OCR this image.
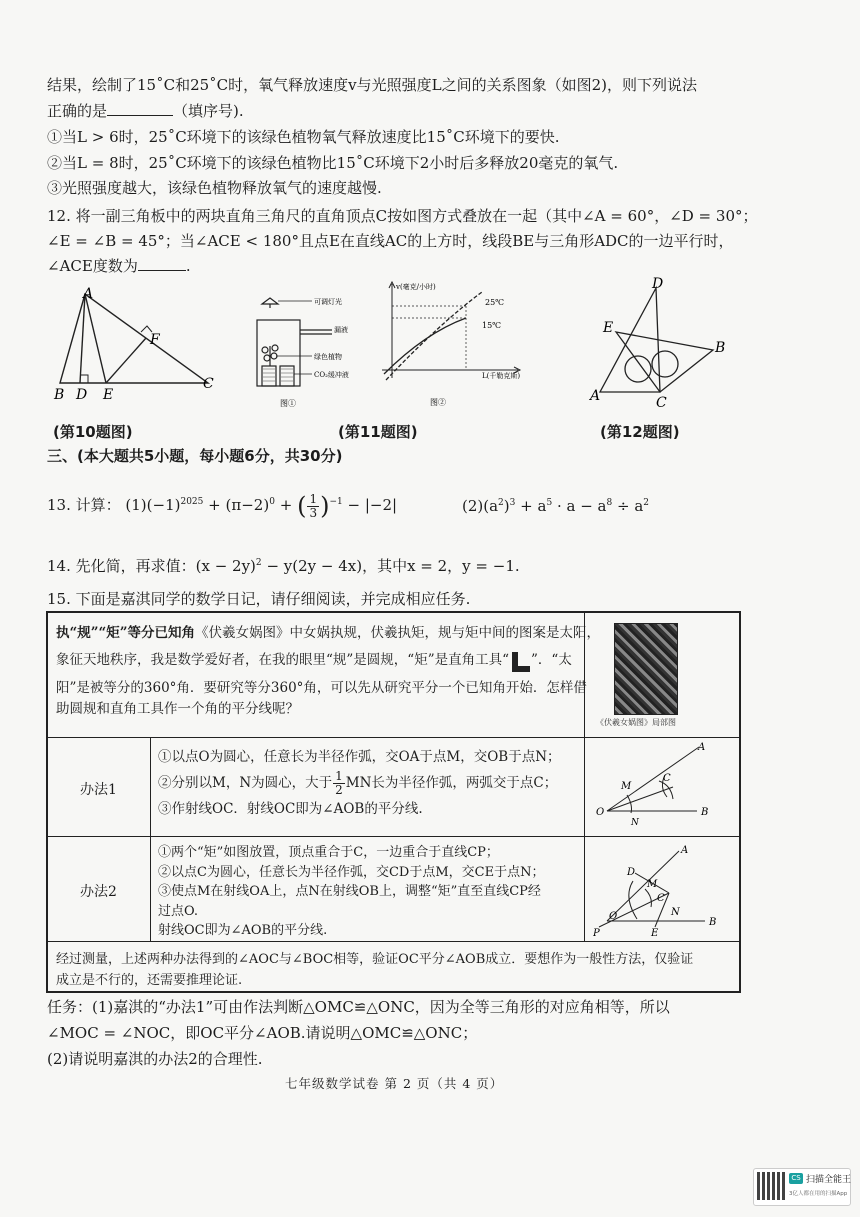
结果，绘制了15˚C和25˚C时，氧气释放速度v与光照强度L之间的关系图象（如图2)，则下列说法
正确的是	（填序号).
①当L > 6时，25˚C环境下的该绿色植物氧气释放速度比15˚C环境下的要快.
②当L = 8时，25˚C环境下的该绿色植物比15˚C环境下2小时后多释放20毫克的氧气.
③光照强度越大，该绿色植物释放氧气的速度越慢.
12. 将一副三角板中的两块直角三角尺的直角顶点C按如图方式叠放在一起（其中∠A = 60°，∠D = 30°；
∠E = ∠B = 45°；当∠ACE < 180°且点E在直线AC的上方时，线段BE与三角形ADC的一边平行时，
∠ACE度数为	.
A
B D E
C
F
(第10题图)
可调灯光
漏液
绿色植物
CO₂缓冲液
图①
v(毫克/小时)
L(千勒克斯)
25℃
15℃
图②
(第11题图)
D
E
B
A	C
(第12题图)
三、(本大题共5小题，每小题6分，共30分)
13. 计算： $(1)(-1)^{2025} + (\pi-2)^0$ + ( $\frac{1}{3} )^{-1} - |-2|$	$(2)(a^2)^3 + a^5 \cdot a - a^8 \div a^2$
14. 先化简，再求值：$(x - 2y)^2 - y(2y - 4x)$，其中x = 2，y = −1.
15. 下面是嘉淇同学的数学日记，请仔细阅读，并完成相应任务.
执“规”“矩”等分已知角《伏羲女娲图》中女娲执规，伏羲执矩，规与矩中间的图案是太阳，
象征天地秩序，我是数学爱好者，在我的眼里“规”是圆规，“矩”是直角工具“ ”．“太
阳”是被等分的360°角．要研究等分360°角，可以先从研究平分一个已知角开始．怎样借
助圆规和直角工具作一个角的平分线呢？
《伏羲女娲图》局部图
办法1
①以点O为圆心，任意长为半径作弧，交OA于点M，交OB于点N；
②分别以M，N为圆心，大于 $\frac{1}{2}$ MN长为半径作弧，两弧交于点C；
③作射线OC．射线OC即为∠AOB的平分线.
A
M
C
O
N
B
办法2
①两个“矩”如图放置，顶点重合于C，一边重合于直线CP；
②以点C为圆心，任意长为半径作弧，交CD于点M，交CE于点N；
③使点M在射线OA上，点N在射线OB上，调整“矩”直至直线CP经
过点O.
射线OC即为∠AOB的平分线.
A
D
M
C
O	N
P	E
B
经过测量，上述两种办法得到的∠AOC与∠BOC相等，验证OC平分∠AOB成立．要想作为一般性方法，仅验证
成立是不行的，还需要推理论证.
任务：(1)嘉淇的“办法1”可由作法判断△OMC≌△ONC，因为全等三角形的对应角相等，所以
∠MOC = ∠NOC，即OC平分∠AOB.请说明△OMC≌△ONC；
(2)请说明嘉淇的办法2的合理性.
七年级数学试卷 第 2 页（共 4 页）
CS 扫描全能王
3亿人都在用的扫描App
